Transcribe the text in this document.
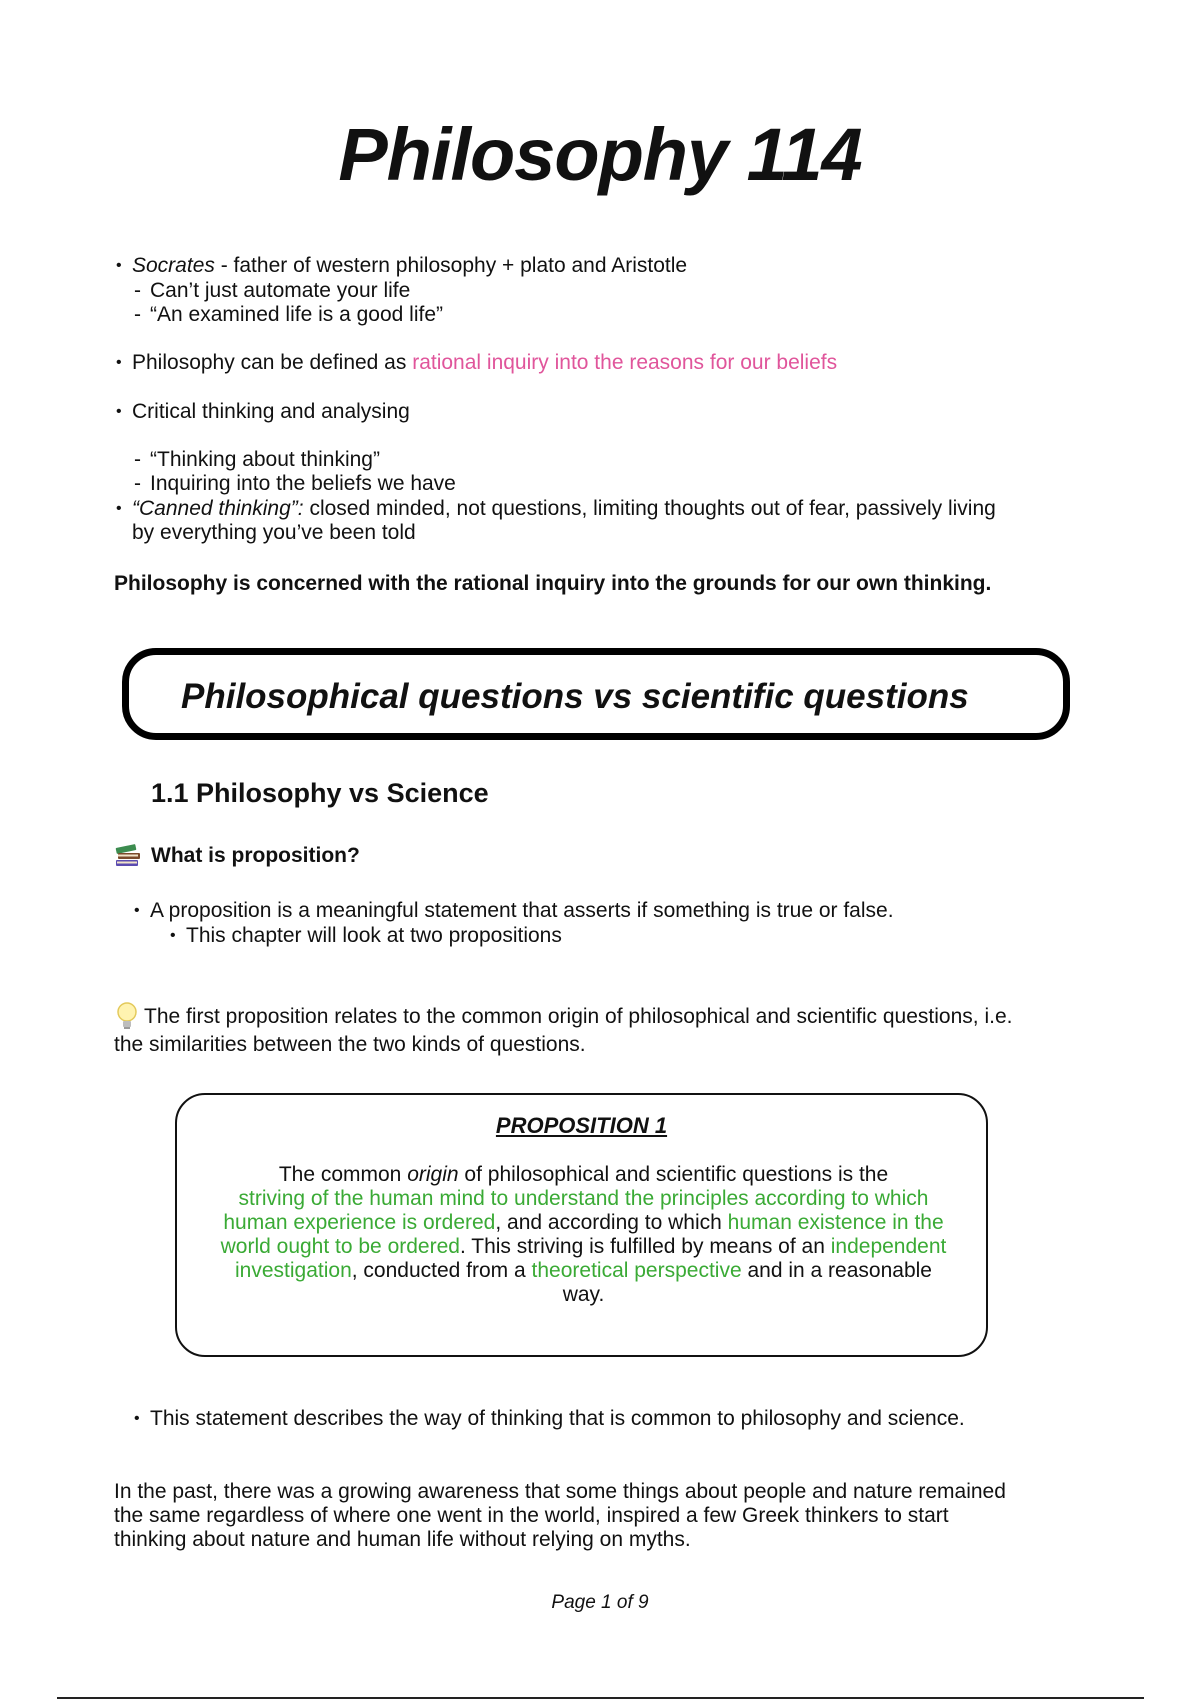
Philosophy 114
• Socrates - father of western philosophy + plato and Aristotle
- Can’t just automate your life
- “An examined life is a good life”
• Philosophy can be defined as rational inquiry into the reasons for our beliefs
• Critical thinking and analysing
- “Thinking about thinking”
- Inquiring into the beliefs we have
• “Canned thinking”: closed minded, not questions, limiting thoughts out of fear, passively living
by everything you’ve been told
Philosophy is concerned with the rational inquiry into the grounds for our own thinking.
Philosophical questions vs scientific questions
1.1 Philosophy vs Science
What is proposition?
• A proposition is a meaningful statement that asserts if something is true or false.
• This chapter will look at two propositions
The first proposition relates to the common origin of philosophical and scientific questions, i.e.
the similarities between the two kinds of questions.
PROPOSITION 1
The common origin of philosophical and scientific questions is the
striving of the human mind to understand the principles according to which human experience is ordered, and according to which human existence in the world ought to be ordered. This striving is fulfilled by means of an independent investigation, conducted from a theoretical perspective and in a reasonable way.
• This statement describes the way of thinking that is common to philosophy and science.
In the past, there was a growing awareness that some things about people and nature remained
the same regardless of where one went in the world, inspired a few Greek thinkers to start
thinking about nature and human life without relying on myths.
Page 1 of 9
